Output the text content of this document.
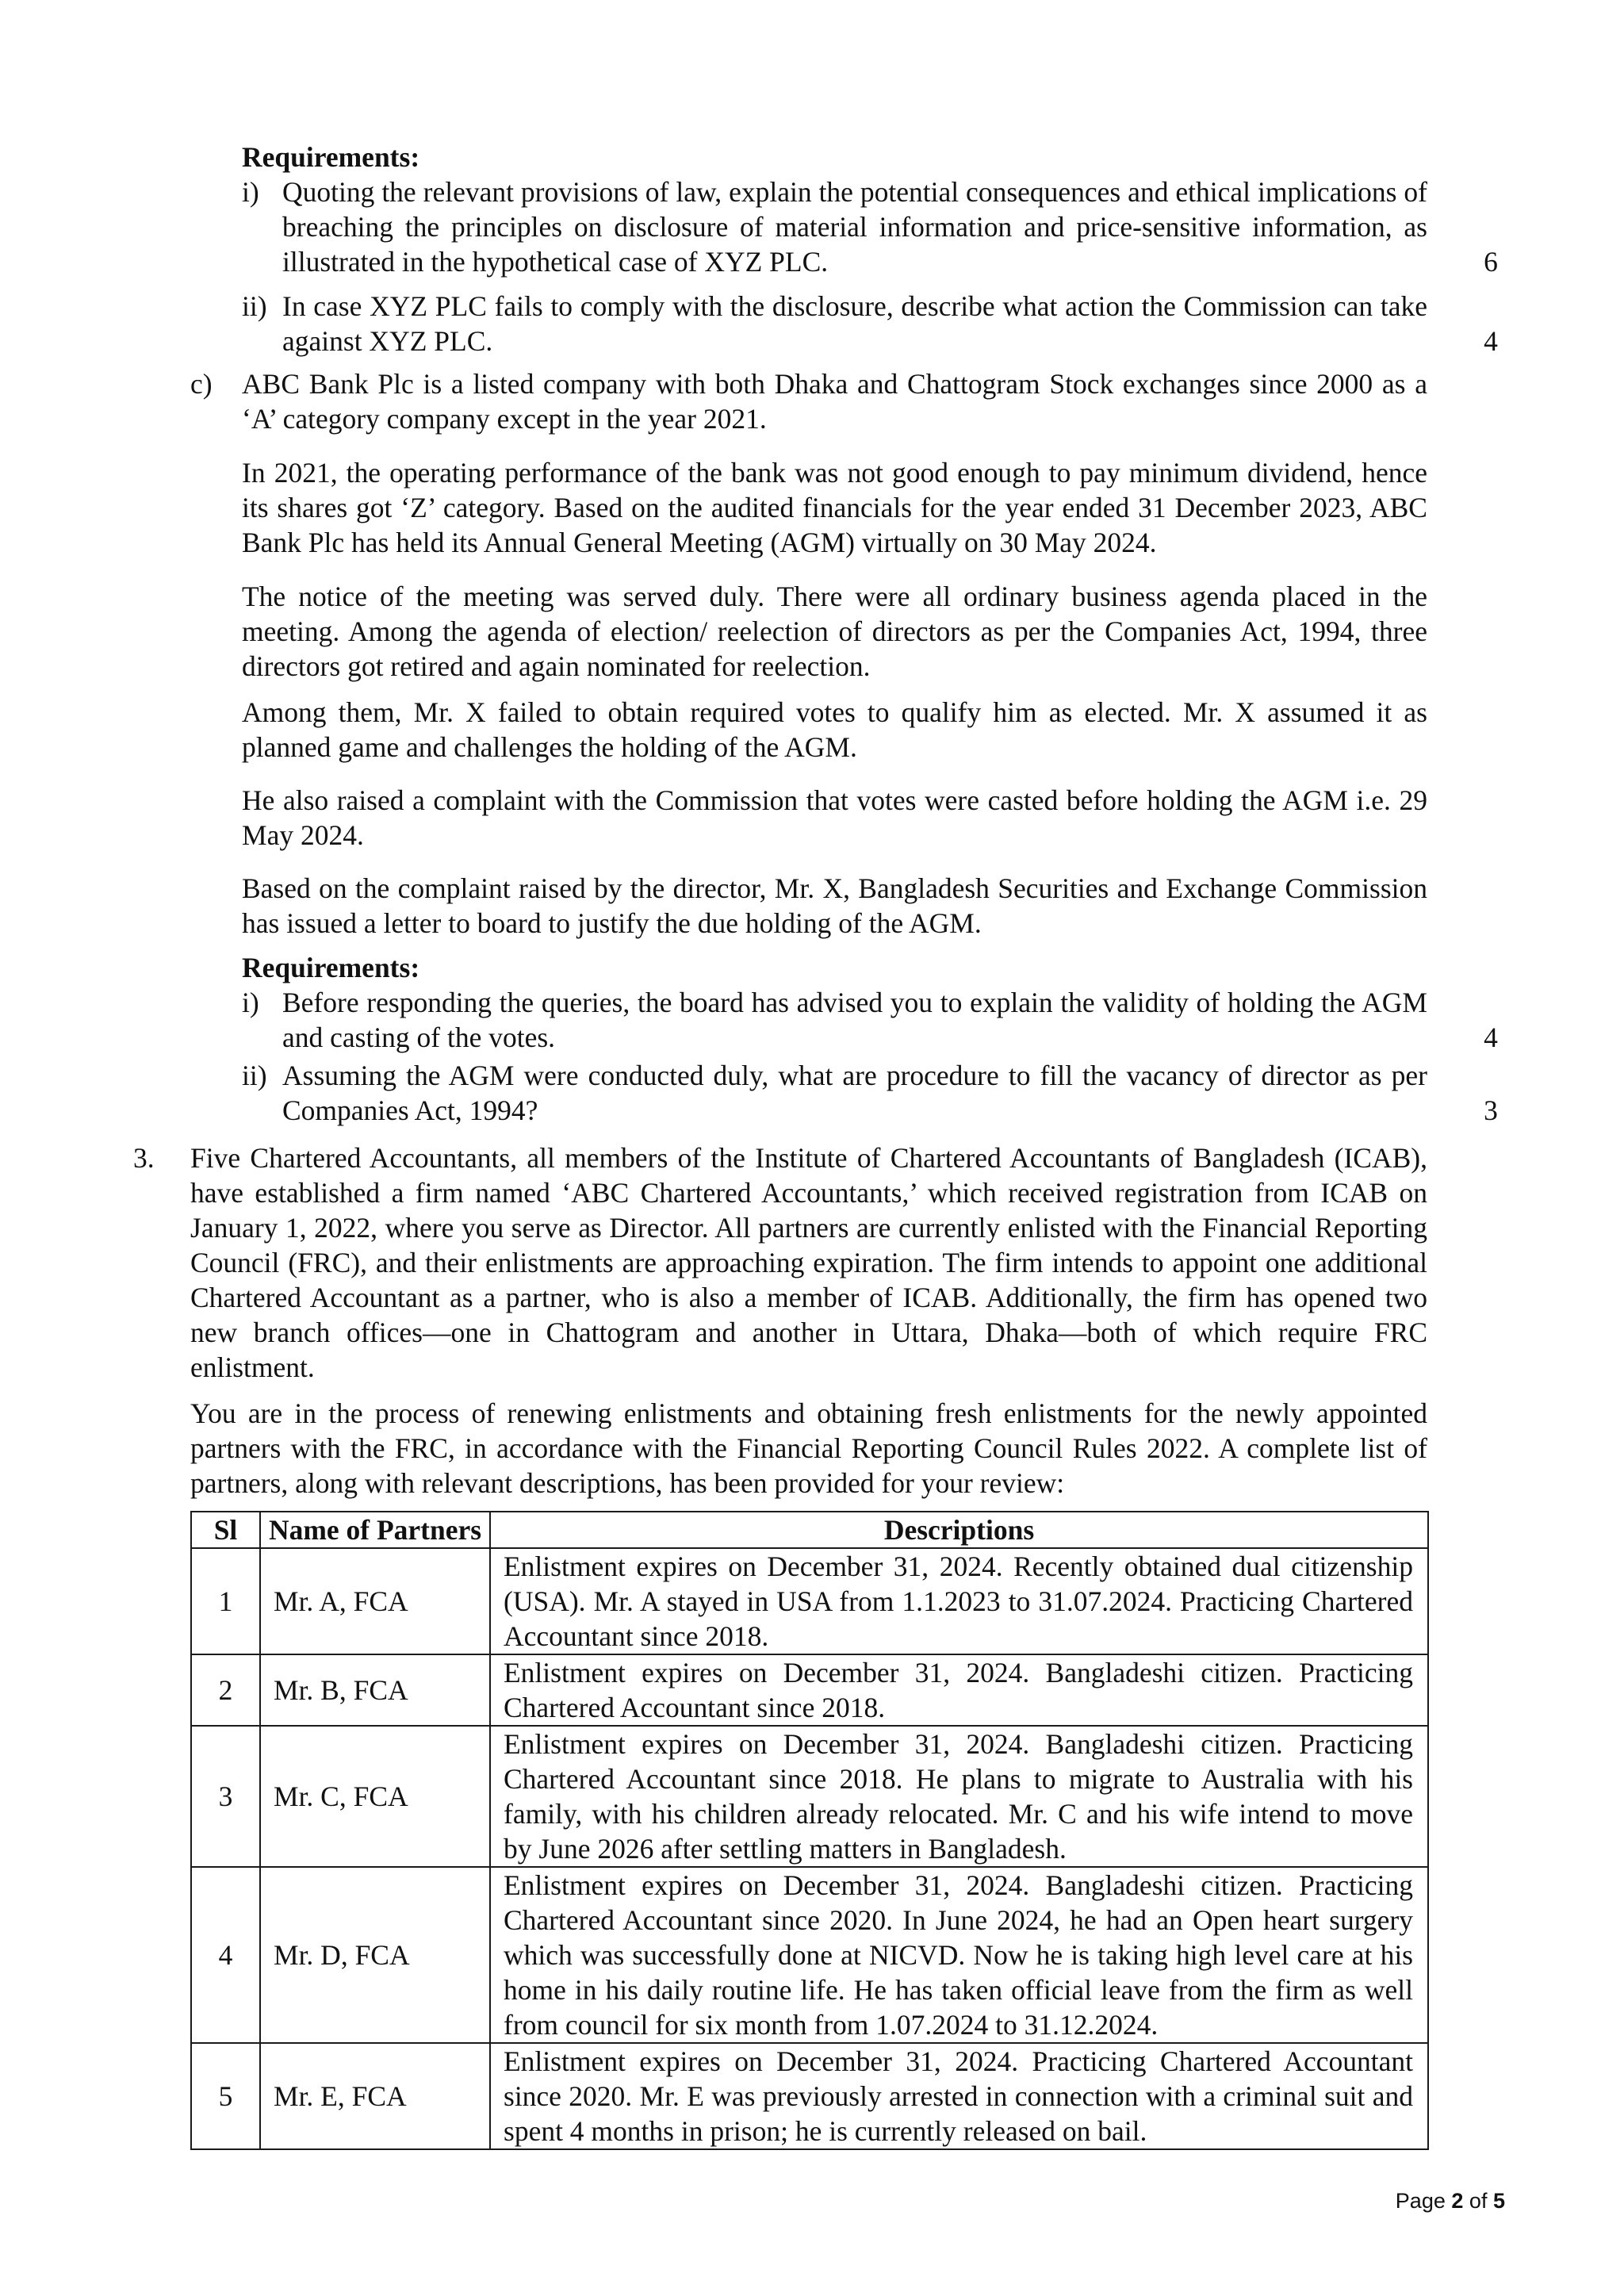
Requirements:
i) Quoting the relevant provisions of law, explain the potential consequences and ethical implications of breaching the principles on disclosure of material information and price-sensitive information, as illustrated in the hypothetical case of XYZ PLC.	6
ii) In case XYZ PLC fails to comply with the disclosure, describe what action the Commission can take against XYZ PLC.	4
c) ABC Bank Plc is a listed company with both Dhaka and Chattogram Stock exchanges since 2000 as a ‘A’ category company except in the year 2021.
In 2021, the operating performance of the bank was not good enough to pay minimum dividend, hence its shares got ‘Z’ category. Based on the audited financials for the year ended 31 December 2023, ABC Bank Plc has held its Annual General Meeting (AGM) virtually on 30 May 2024.
The notice of the meeting was served duly. There were all ordinary business agenda placed in the meeting. Among the agenda of election/ reelection of directors as per the Companies Act, 1994, three directors got retired and again nominated for reelection.
Among them, Mr. X failed to obtain required votes to qualify him as elected. Mr. X assumed it as planned game and challenges the holding of the AGM.
He also raised a complaint with the Commission that votes were casted before holding the AGM i.e. 29 May 2024.
Based on the complaint raised by the director, Mr. X, Bangladesh Securities and Exchange Commission has issued a letter to board to justify the due holding of the AGM.
Requirements:
i) Before responding the queries, the board has advised you to explain the validity of holding the AGM and casting of the votes.	4
ii) Assuming the AGM were conducted duly, what are procedure to fill the vacancy of director as per Companies Act, 1994?	3
3. Five Chartered Accountants, all members of the Institute of Chartered Accountants of Bangladesh (ICAB), have established a firm named ‘ABC Chartered Accountants,’ which received registration from ICAB on January 1, 2022, where you serve as Director. All partners are currently enlisted with the Financial Reporting Council (FRC), and their enlistments are approaching expiration. The firm intends to appoint one additional Chartered Accountant as a partner, who is also a member of ICAB. Additionally, the firm has opened two new branch offices—one in Chattogram and another in Uttara, Dhaka—both of which require FRC enlistment.
You are in the process of renewing enlistments and obtaining fresh enlistments for the newly appointed partners with the FRC, in accordance with the Financial Reporting Council Rules 2022. A complete list of partners, along with relevant descriptions, has been provided for your review:
Sl	Name of Partners	Descriptions
1	Mr. A, FCA	Enlistment expires on December 31, 2024. Recently obtained dual citizenship (USA). Mr. A stayed in USA from 1.1.2023 to 31.07.2024. Practicing Chartered Accountant since 2018.
2	Mr. B, FCA	Enlistment expires on December 31, 2024. Bangladeshi citizen. Practicing Chartered Accountant since 2018.
3	Mr. C, FCA	Enlistment expires on December 31, 2024. Bangladeshi citizen. Practicing Chartered Accountant since 2018. He plans to migrate to Australia with his family, with his children already relocated. Mr. C and his wife intend to move by June 2026 after settling matters in Bangladesh.
4	Mr. D, FCA	Enlistment expires on December 31, 2024. Bangladeshi citizen. Practicing Chartered Accountant since 2020. In June 2024, he had an Open heart surgery which was successfully done at NICVD. Now he is taking high level care at his home in his daily routine life. He has taken official leave from the firm as well from council for six month from 1.07.2024 to 31.12.2024.
5	Mr. E, FCA	Enlistment expires on December 31, 2024. Practicing Chartered Accountant since 2020. Mr. E was previously arrested in connection with a criminal suit and spent 4 months in prison; he is currently released on bail.
Page 2 of 5
